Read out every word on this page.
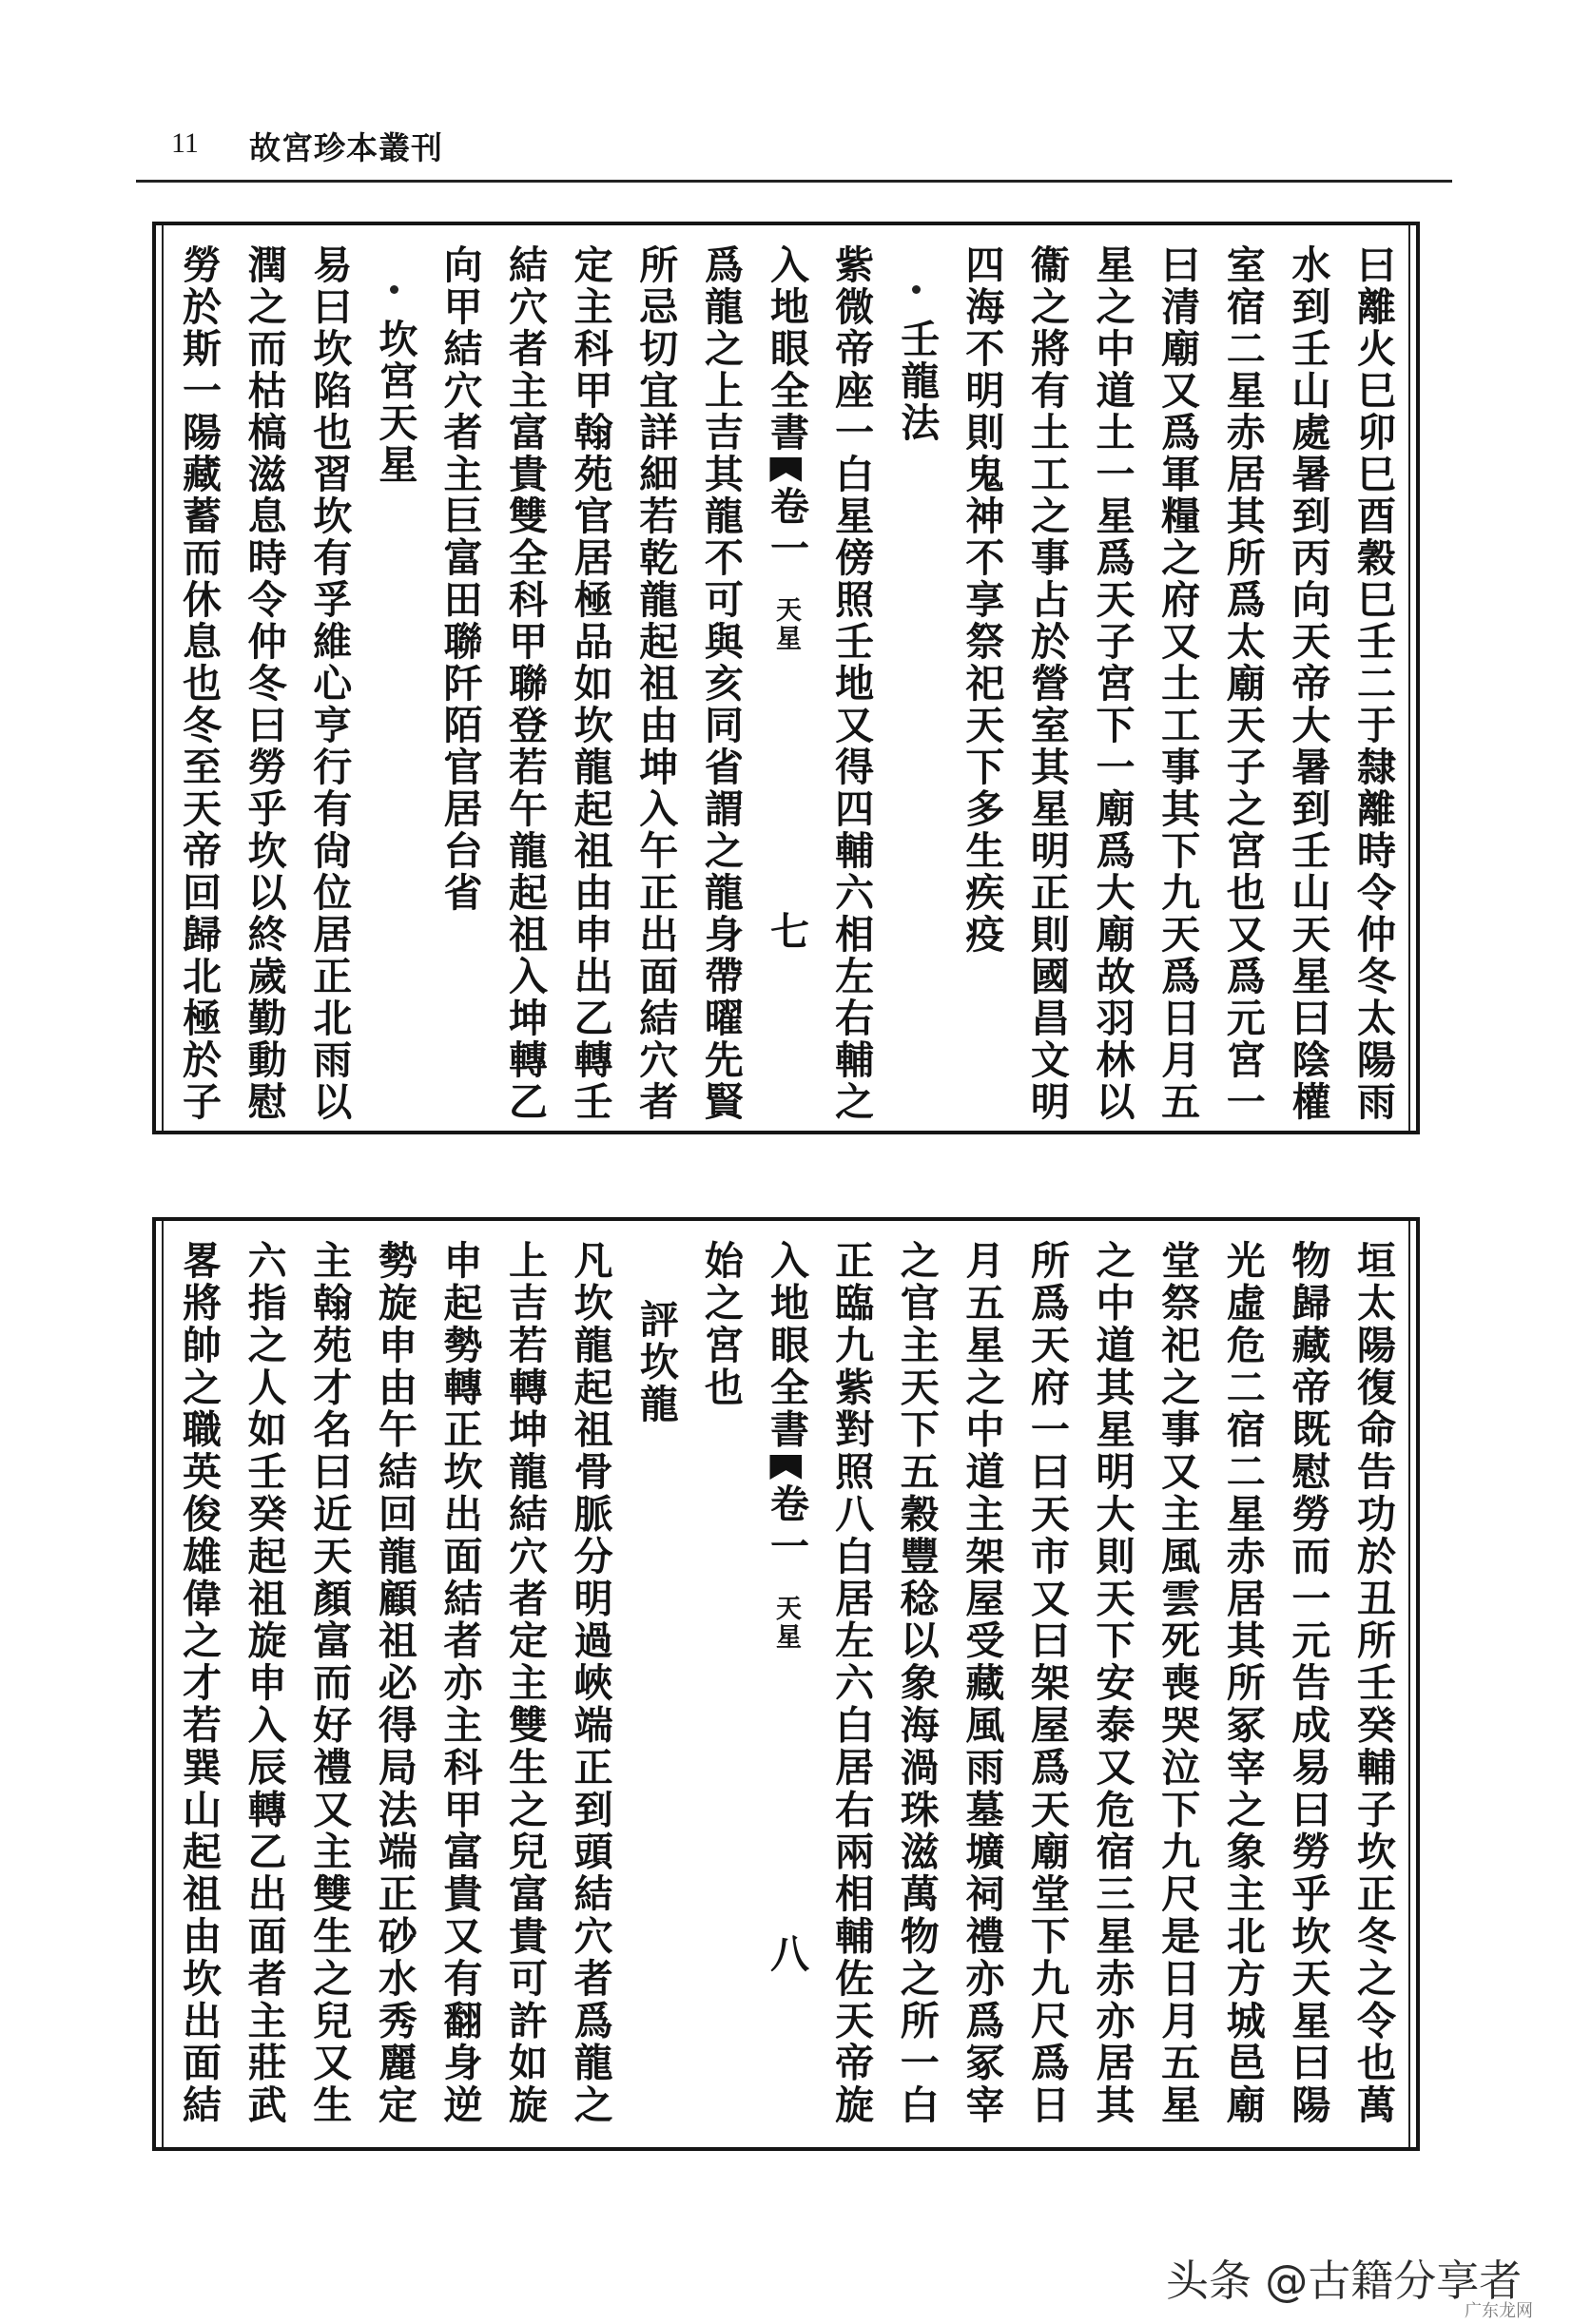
11 故宮珍本叢刊
曰離火巳卯巳酉穀巳壬二于隸離時令仲冬太陽雨
水到壬山處暑到丙向天帝大暑到壬山天星曰陰權
室宿二星赤居其所爲太廟天子之宮也又爲元宮一
曰清廟又爲軍糧之府又土工事其下九天爲日月五
星之中道土一星爲天子宮下一廟爲大廟故羽林以
衞之將有土工之事占於營室其星明正則國昌文明
四海不明則鬼神不享祭祀天下多生疾疫
壬龍法
紫微帝座一白星傍照壬地又得四輔六相左右輔之
入地眼全書
卷一
天星
七
爲龍之上吉其龍不可與亥同省謂之龍身帶曜先賢
所忌切宜詳細若乾龍起祖由坤入午正出面結穴者
定主科甲翰苑官居極品如坎龍起祖由申出乙轉壬
結穴者主富貴雙全科甲聯登若午龍起祖入坤轉乙
向甲結穴者主巨富田聯阡陌官居台省
坎宮天星
易曰坎陷也習坎有孚維心亨行有尙位居正北雨以
潤之而枯槁滋息時令仲冬曰勞乎坎以終歲勤動慰
勞於斯一陽藏蓄而休息也冬至天帝回歸北極於子
垣太陽復命告功於丑所壬癸輔子坎正冬之令也萬
物歸藏帝既慰勞而一元告成易曰勞乎坎天星曰陽
光虛危二宿二星赤居其所冢宰之象主北方城邑廟
堂祭祀之事又主風雲死喪哭泣下九尺是日月五星
之中道其星明大則天下安泰又危宿三星赤亦居其
所爲天府一曰天市又曰架屋爲天廟堂下九尺爲日
月五星之中道主架屋受藏風雨墓壙祠禮亦爲冢宰
之官主天下五穀豐稔以象海渦珠滋萬物之所一白
正臨九紫對照八白居左六白居右兩相輔佐天帝旋
入地眼全書
卷一
天星
八
始之宮也
評坎龍
凡坎龍起祖骨脈分明過峽端正到頭結穴者爲龍之
上吉若轉坤龍結穴者定主雙生之兒富貴可許如旋
申起勢轉正坎出面結者亦主科甲富貴又有翻身逆
勢旋申由午結回龍顧祖必得局法端正砂水秀麗定
主翰苑才名曰近天顏富而好禮又主雙生之兒又生
六指之人如壬癸起祖旋申入辰轉乙出面者主莊武
畧將帥之職英俊雄偉之才若巽山起祖由坎出面結
头条 @古籍分享者
广东龙网
